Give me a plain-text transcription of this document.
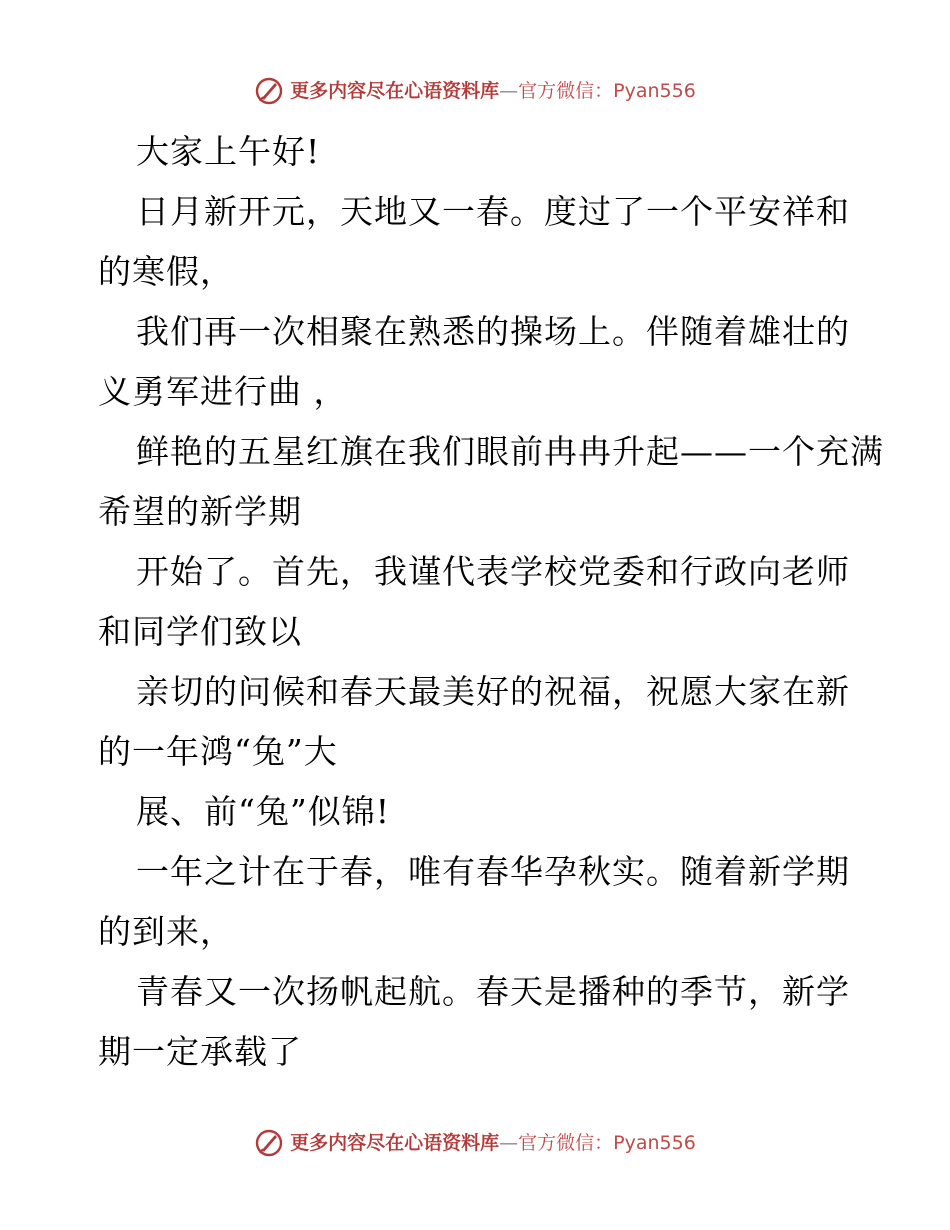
更多内容尽在心语资料库 — 官方微信：Pyan556
大家上午好!
日月新开元，天地又一春。度过了一个平安祥和
的寒假，
我们再一次相聚在熟悉的操场上。伴随着雄壮的
义勇军进行曲 ，
鲜艳的五星红旗在我们眼前冉冉升起——一个充满
希望的新学期
开始了。首先，我谨代表学校党委和行政向老师
和同学们致以
亲切的问候和春天最美好的祝福，祝愿大家在新
的一年鸿“兔”大
展、前“兔”似锦!
一年之计在于春，唯有春华孕秋实。随着新学期
的到来，
青春又一次扬帆起航。春天是播种的季节，新学
期一定承载了
更多内容尽在心语资料库 — 官方微信：Pyan556
